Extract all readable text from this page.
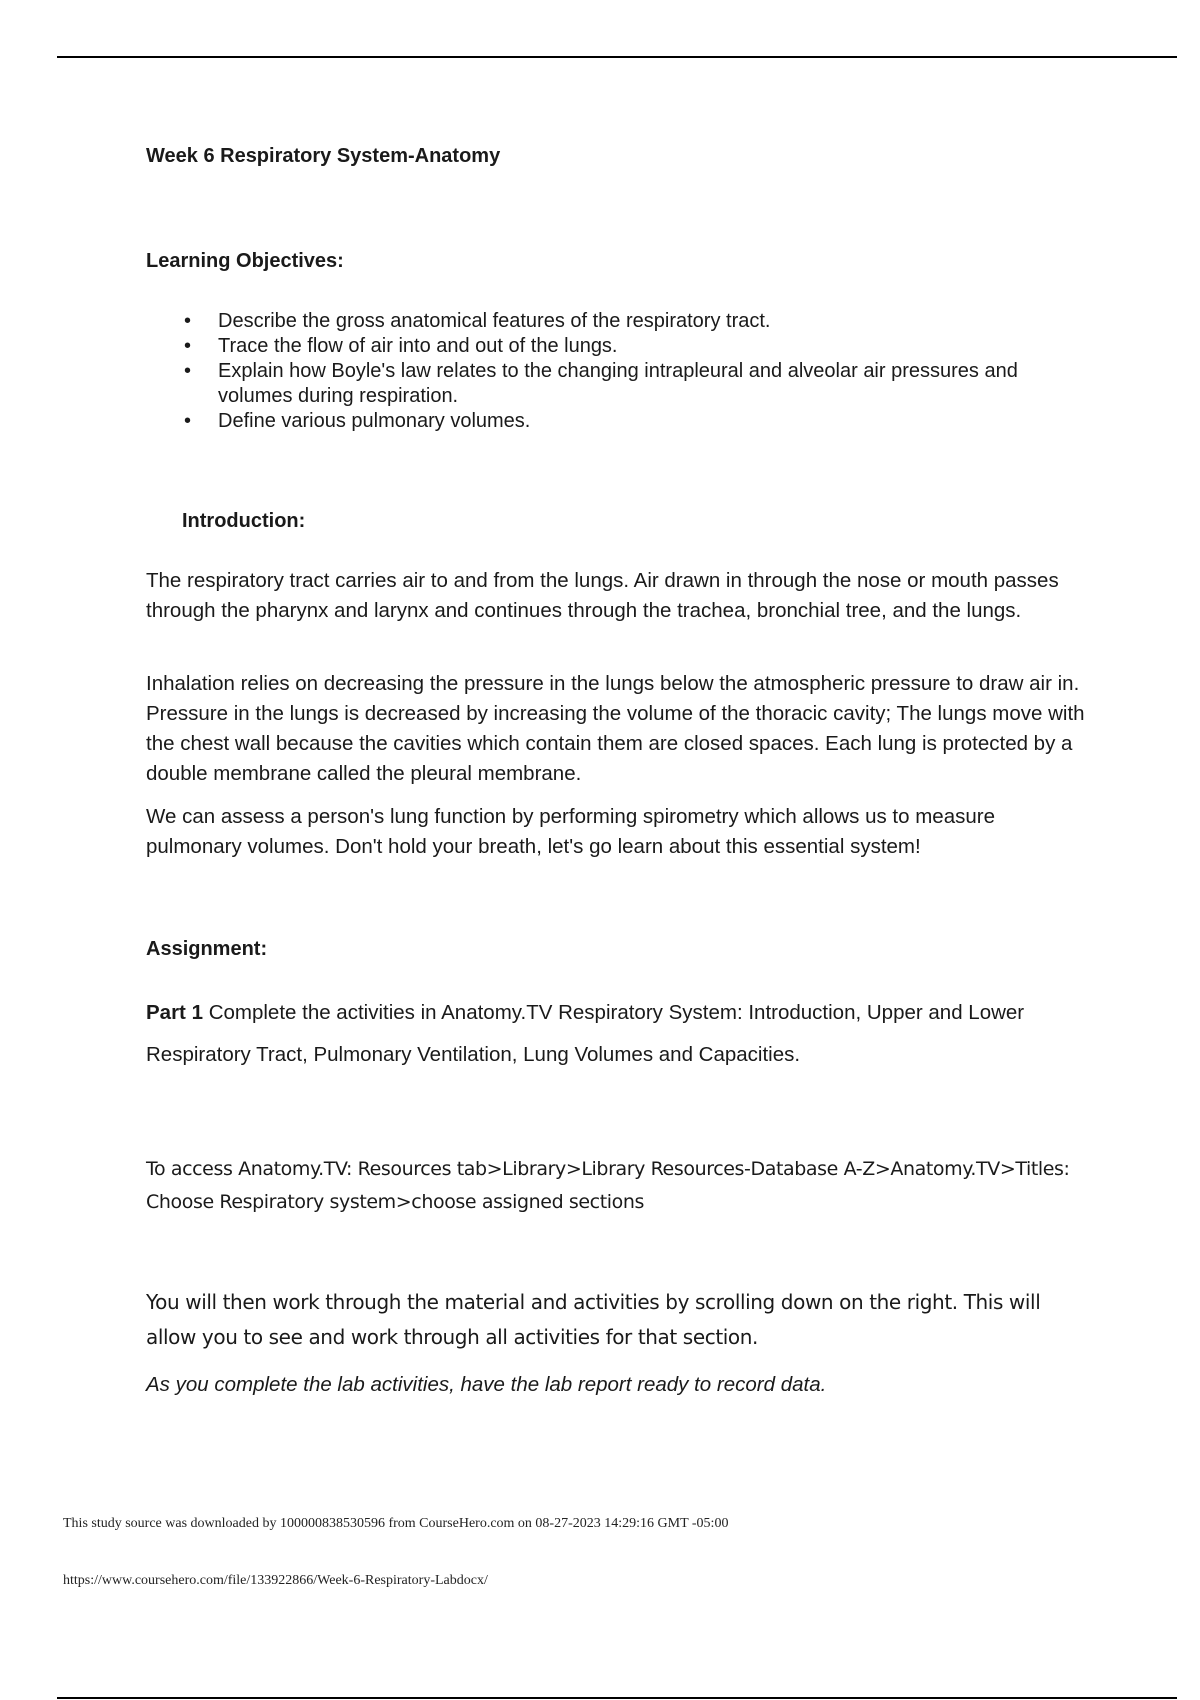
Week 6 Respiratory System-Anatomy
Learning Objectives:
• Describe the gross anatomical features of the respiratory tract.
• Trace the flow of air into and out of the lungs.
• Explain how Boyle's law relates to the changing intrapleural and alveolar air pressures and volumes during respiration.
• Define various pulmonary volumes.
Introduction:

The respiratory tract carries air to and from the lungs. Air drawn in through the nose or mouth passes through the pharynx and larynx and continues through the trachea, bronchial tree, and the lungs.

Inhalation relies on decreasing the pressure in the lungs below the atmospheric pressure to draw air in. Pressure in the lungs is decreased by increasing the volume of the thoracic cavity; The lungs move with the chest wall because the cavities which contain them are closed spaces. Each lung is protected by a double membrane called the pleural membrane.

We can assess a person's lung function by performing spirometry which allows us to measure pulmonary volumes. Don't hold your breath, let's go learn about this essential system!

Assignment:

Part 1 Complete the activities in Anatomy.TV Respiratory System: Introduction, Upper and Lower Respiratory Tract, Pulmonary Ventilation, Lung Volumes and Capacities.

To access Anatomy.TV: Resources tab>Library>Library Resources-Database A-Z>Anatomy.TV>Titles: Choose Respiratory system>choose assigned sections

You will then work through the material and activities by scrolling down on the right. This will allow you to see and work through all activities for that section.

As you complete the lab activities, have the lab report ready to record data.

This study source was downloaded by 100000838530596 from CourseHero.com on 08-27-2023 14:29:16 GMT -05:00

https://www.coursehero.com/file/133922866/Week-6-Respiratory-Labdocx/
